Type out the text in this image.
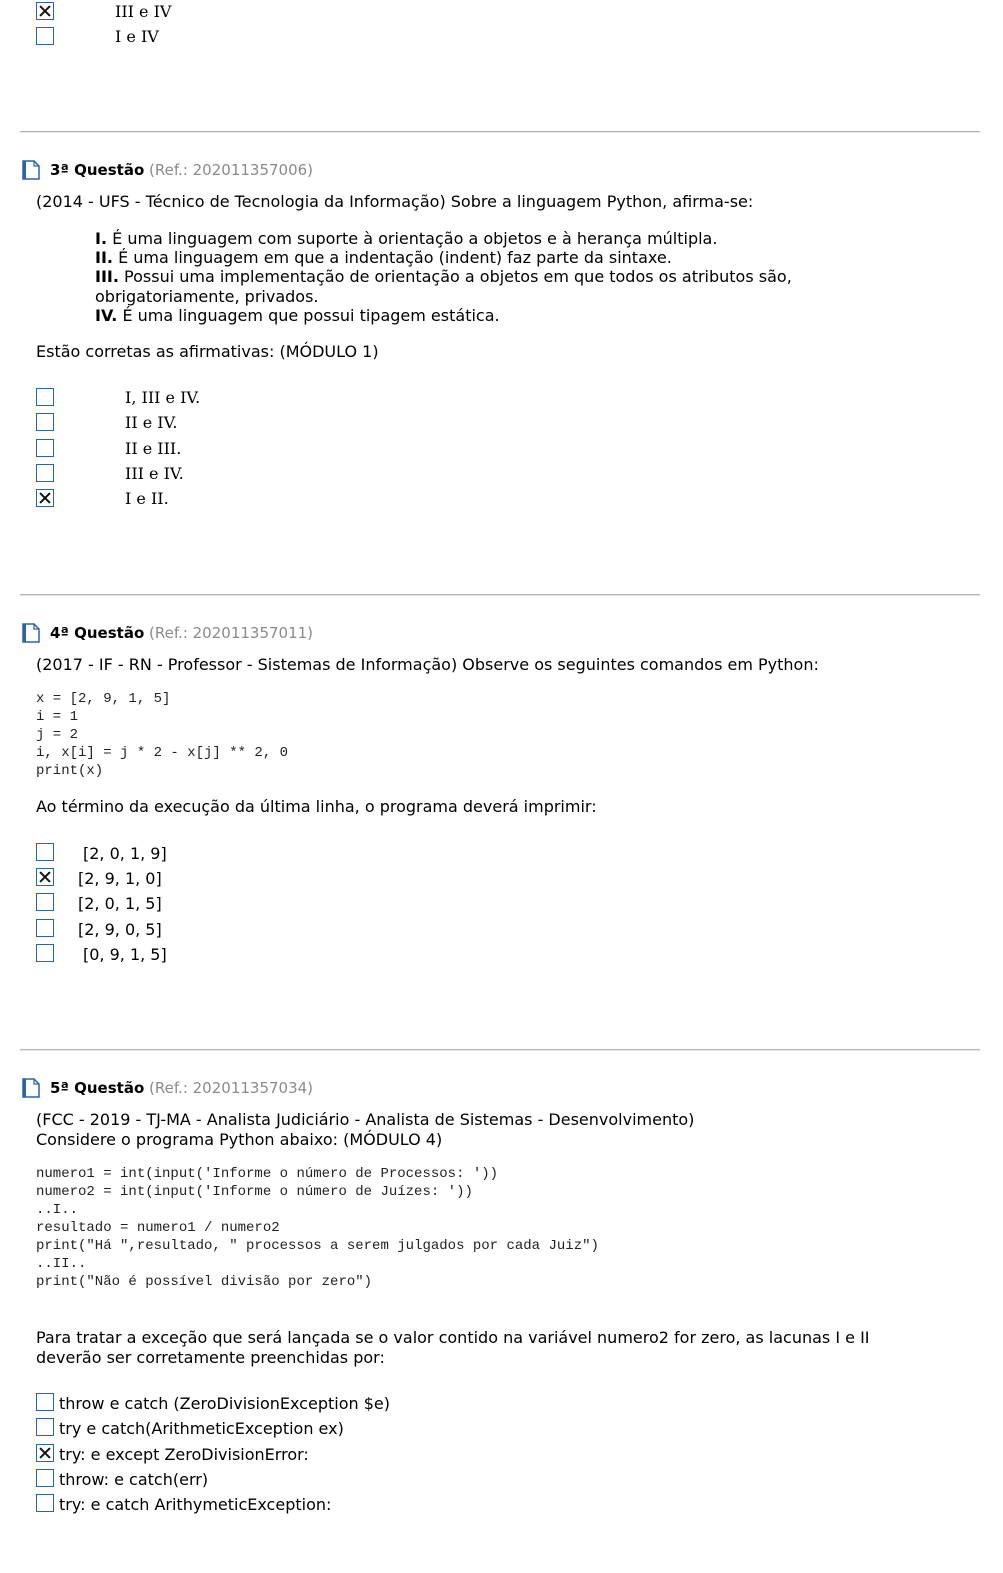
III e IV
I e IV
3ª Questão (Ref.: 202011357006)
(2014 - UFS - Técnico de Tecnologia da Informação) Sobre a linguagem Python, afirma-se:
I. É uma linguagem com suporte à orientação a objetos e à herança múltipla.
II. É uma linguagem em que a indentação (indent) faz parte da sintaxe.
III. Possui uma implementação de orientação a objetos em que todos os atributos são,
obrigatoriamente, privados.
IV. É uma linguagem que possui tipagem estática.
Estão corretas as afirmativas: (MÓDULO 1)
I, III e IV.
II e IV.
II e III.
III e IV.
I e II.
4ª Questão (Ref.: 202011357011)
(2017 - IF - RN - Professor - Sistemas de Informação) Observe os seguintes comandos em Python:
x = [2, 9, 1, 5]
i = 1
j = 2
i, x[i] = j * 2 - x[j] ** 2, 0
print(x)
Ao término da execução da última linha, o programa deverá imprimir:
[2, 0, 1, 9]
[2, 9, 1, 0]
[2, 0, 1, 5]
[2, 9, 0, 5]
[0, 9, 1, 5]
5ª Questão (Ref.: 202011357034)
(FCC - 2019 - TJ-MA - Analista Judiciário - Analista de Sistemas - Desenvolvimento)
Considere o programa Python abaixo: (MÓDULO 4)
numero1 = int(input('Informe o número de Processos: '))
numero2 = int(input('Informe o número de Juízes: '))
..I..
resultado = numero1 / numero2
print("Há ",resultado, " processos a serem julgados por cada Juiz")
..II..
print("Não é possível divisão por zero")
Para tratar a exceção que será lançada se o valor contido na variável numero2 for zero, as lacunas I e II
deverão ser corretamente preenchidas por:
throw e catch (ZeroDivisionException $e)
try e catch(ArithmeticException ex)
try: e except ZeroDivisionError:
throw: e catch(err)
try: e catch ArithymeticException:
